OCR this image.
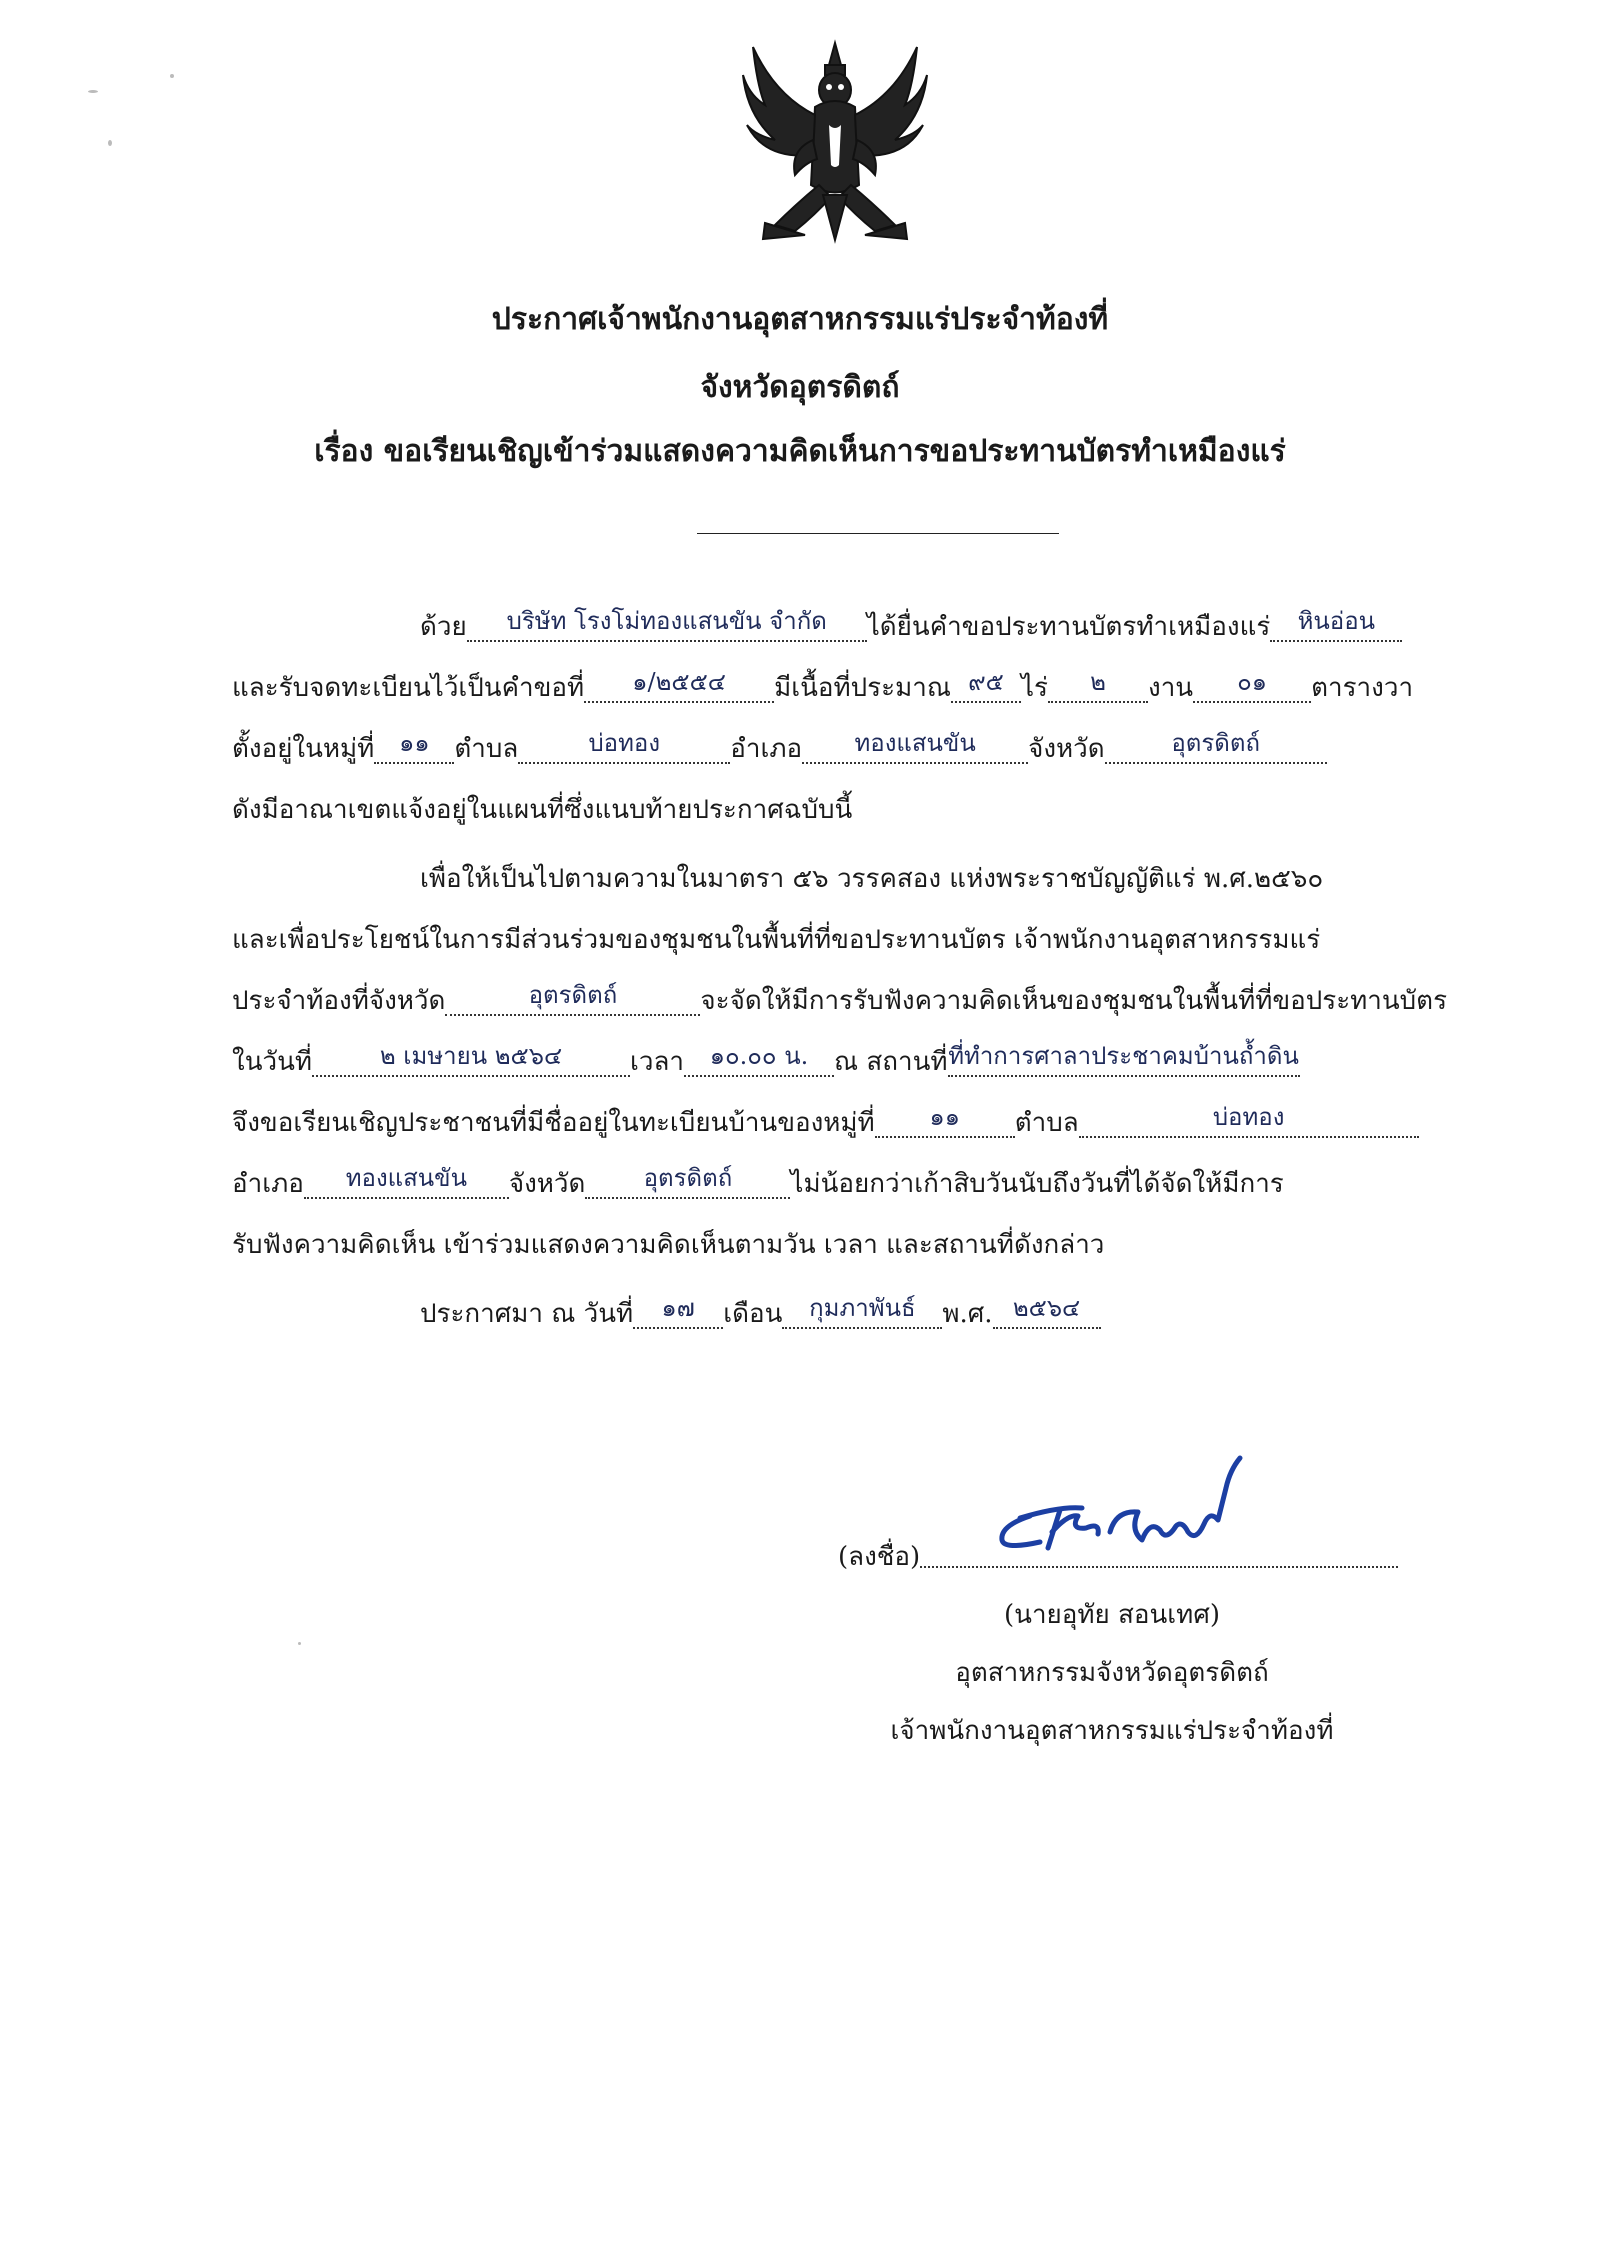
ประกาศเจ้าพนักงานอุตสาหกรรมแร่ประจำท้องที่
จังหวัดอุตรดิตถ์
เรื่อง ขอเรียนเชิญเข้าร่วมแสดงความคิดเห็นการขอประทานบัตรทำเหมืองแร่
ด้วย บริษัท โรงโม่ทองแสนขัน จำกัด ได้ยื่นคำขอประทานบัตรทำเหมืองแร่ หินอ่อน
และรับจดทะเบียนไว้เป็นคำขอที่ ๑/๒๕๕๔ มีเนื้อที่ประมาณ ๙๕ ไร่ ๒ งาน ๐๑ ตารางวา
ตั้งอยู่ในหมู่ที่ ๑๑ ตำบล	บ่อทอง	อำเภอ ทองแสนขัน จังหวัด	อุตรดิตถ์
ดังมีอาณาเขตแจ้งอยู่ในแผนที่ซึ่งแนบท้ายประกาศฉบับนี้
เพื่อให้เป็นไปตามความในมาตรา ๕๖ วรรคสอง แห่งพระราชบัญญัติแร่ พ.ศ.๒๕๖๐
และเพื่อประโยชน์ในการมีส่วนร่วมของชุมชนในพื้นที่ที่ขอประทานบัตร เจ้าพนักงานอุตสาหกรรมแร่
ประจำท้องที่จังหวัด	อุตรดิตถ์	จะจัดให้มีการรับฟังความคิดเห็นของชุมชนในพื้นที่ที่ขอประทานบัตร
ในวันที่	๒ เมษายน ๒๕๖๔	เวลา ๑๐.๐๐ น. ณ สถานที่ที่ทำการศาลาประชาคมบ้านถ้ำดิน
จึงขอเรียนเชิญประชาชนที่มีชื่ออยู่ในทะเบียนบ้านของหมู่ที่ ๑๑ ตำบล	บ่อทอง
อำเภอ ทองแสนขัน จังหวัด อุตรดิตถ์ ไม่น้อยกว่าเก้าสิบวันนับถึงวันที่ได้จัดให้มีการ
รับฟังความคิดเห็น เข้าร่วมแสดงความคิดเห็นตามวัน เวลา และสถานที่ดังกล่าว
ประกาศมา ณ วันที่ ๑๗ เดือน กุมภาพันธ์ พ.ศ. ๒๕๖๔
(ลงชื่อ)
(นายอุทัย สอนเทศ)
อุตสาหกรรมจังหวัดอุตรดิตถ์
เจ้าพนักงานอุตสาหกรรมแร่ประจำท้องที่
